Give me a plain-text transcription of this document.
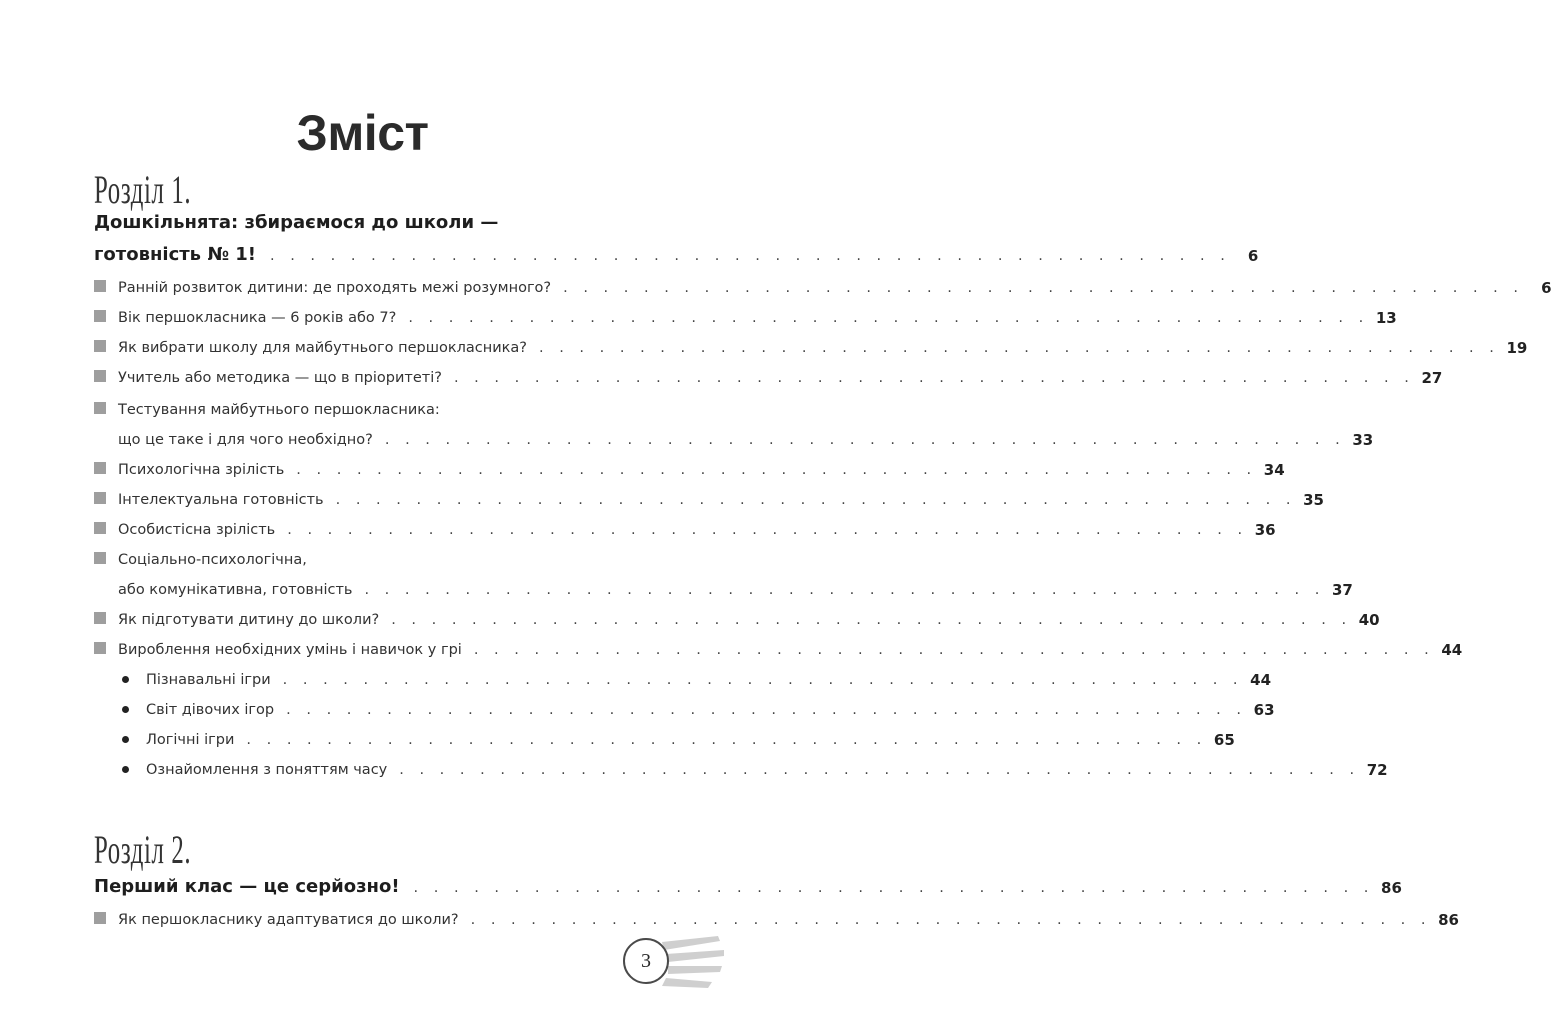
Зміст
Розділ 1.
Дошкільнята: збираємося до школи —
готовність № 1! . . . . . . . . . . . . . . . . . . . . . . . . . . . . . . . . . . . . . . . . . . . . . . . .	6
Ранній розвиток дитини: де проходять межі розумного? . . . . . . . . . . . . . . . . . . . . . . . . . . . . . . . . . . . . . . . . . . . . . . . .	6
Вік першокласника — 6 років або 7? . . . . . . . . . . . . . . . . . . . . . . . . . . . . . . . . . . . . . . . . . . . . . . . . 13
Як вибрати школу для майбутнього першокласника? . . . . . . . . . . . . . . . . . . . . . . . . . . . . . . . . . . . . . . . . . . . . . . . . 19
Учитель або методика — що в пріоритеті? . . . . . . . . . . . . . . . . . . . . . . . . . . . . . . . . . . . . . . . . . . . . . . . . 27
Тестування майбутнього першокласника:
що це таке і для чого необхідно? . . . . . . . . . . . . . . . . . . . . . . . . . . . . . . . . . . . . . . . . . . . . . . . . 33
Психологічна зрілість . . . . . . . . . . . . . . . . . . . . . . . . . . . . . . . . . . . . . . . . . . . . . . . . 34
Інтелектуальна готовність . . . . . . . . . . . . . . . . . . . . . . . . . . . . . . . . . . . . . . . . . . . . . . . . 35
Особистісна зрілість . . . . . . . . . . . . . . . . . . . . . . . . . . . . . . . . . . . . . . . . . . . . . . . . 36
Соціально-психологічна,
або комунікативна, готовність . . . . . . . . . . . . . . . . . . . . . . . . . . . . . . . . . . . . . . . . . . . . . . . . 37
Як підготувати дитину до школи? . . . . . . . . . . . . . . . . . . . . . . . . . . . . . . . . . . . . . . . . . . . . . . . . 40
Вироблення необхідних умінь і навичок у грі . . . . . . . . . . . . . . . . . . . . . . . . . . . . . . . . . . . . . . . . . . . . . . . . 44
Пізнавальні ігри . . . . . . . . . . . . . . . . . . . . . . . . . . . . . . . . . . . . . . . . . . . . . . . . 44
Світ дівочих ігор . . . . . . . . . . . . . . . . . . . . . . . . . . . . . . . . . . . . . . . . . . . . . . . . 63
Логічні ігри . . . . . . . . . . . . . . . . . . . . . . . . . . . . . . . . . . . . . . . . . . . . . . . . 65
Ознайомлення з поняттям часу . . . . . . . . . . . . . . . . . . . . . . . . . . . . . . . . . . . . . . . . . . . . . . . . 72
Розділ 2.
Перший клас — це серйозно! . . . . . . . . . . . . . . . . . . . . . . . . . . . . . . . . . . . . . . . . . . . . . . . . 86
Як першокласнику адаптуватися до школи? . . . . . . . . . . . . . . . . . . . . . . . . . . . . . . . . . . . . . . . . . . . . . . . . 86
3
